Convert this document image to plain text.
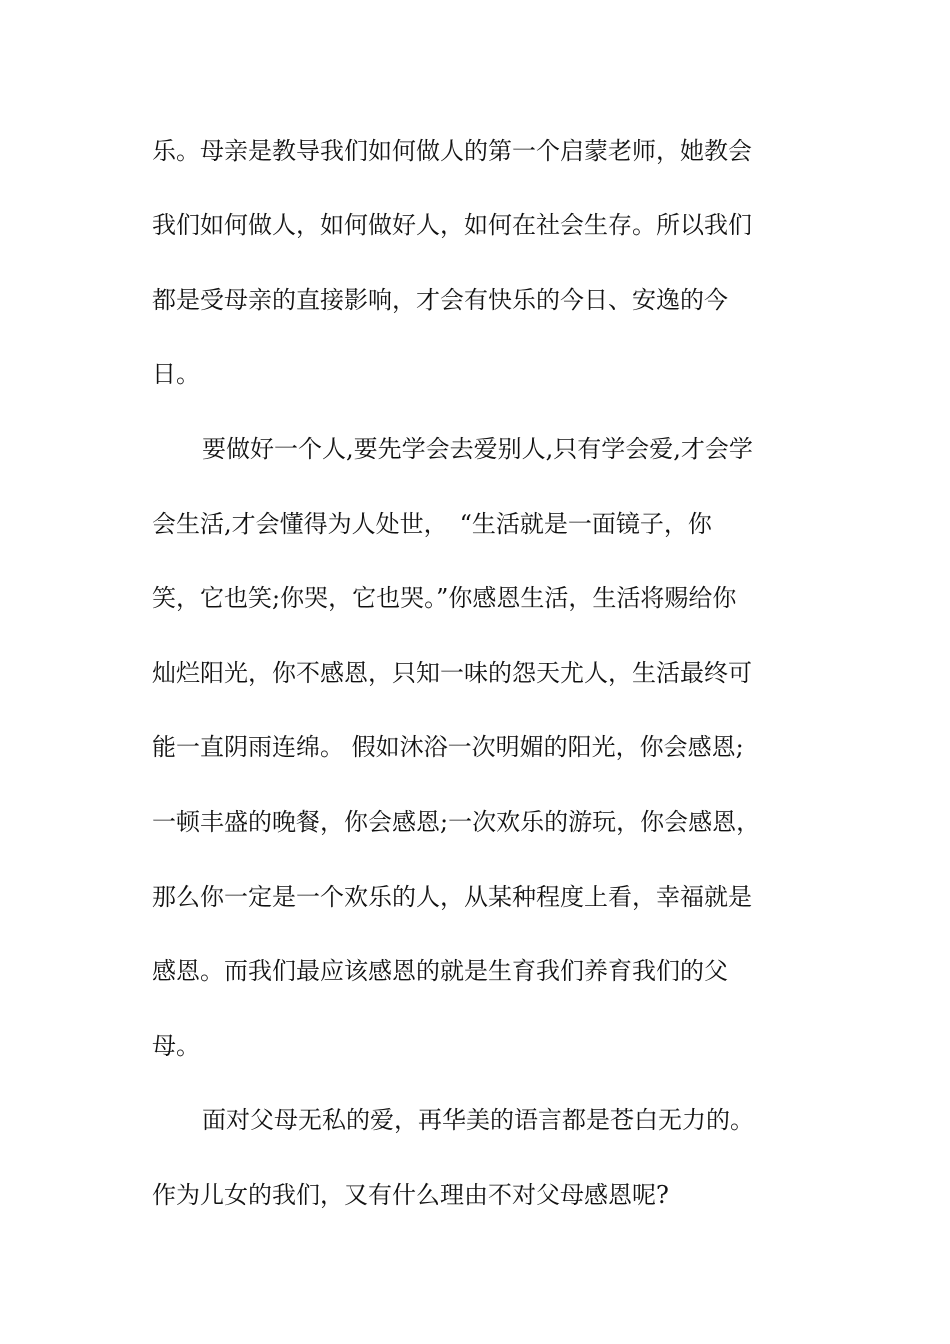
乐。母亲是教导我们如何做人的第一个启蒙老师，她教会
我们如何做人，如何做好人，如何在社会生存。所以我们
都是受母亲的直接影响，才会有快乐的今日、安逸的今
日。
要做好一个人,要先学会去爱别人,只有学会爱,才会学
会生活,才会懂得为人处世，　“生活就是一面镜子，你
笑，它也笑;你哭，它也哭。”你感恩生活，生活将赐给你
灿烂阳光，你不感恩，只知一味的怨天尤人，生活最终可
能一直阴雨连绵。 假如沐浴一次明媚的阳光，你会感恩;
一顿丰盛的晚餐，你会感恩;一次欢乐的游玩，你会感恩，
那么你一定是一个欢乐的人，从某种程度上看，幸福就是
感恩。而我们最应该感恩的就是生育我们养育我们的父
母。
面对父母无私的爱，再华美的语言都是苍白无力的。
作为儿女的我们，又有什么理由不对父母感恩呢?
